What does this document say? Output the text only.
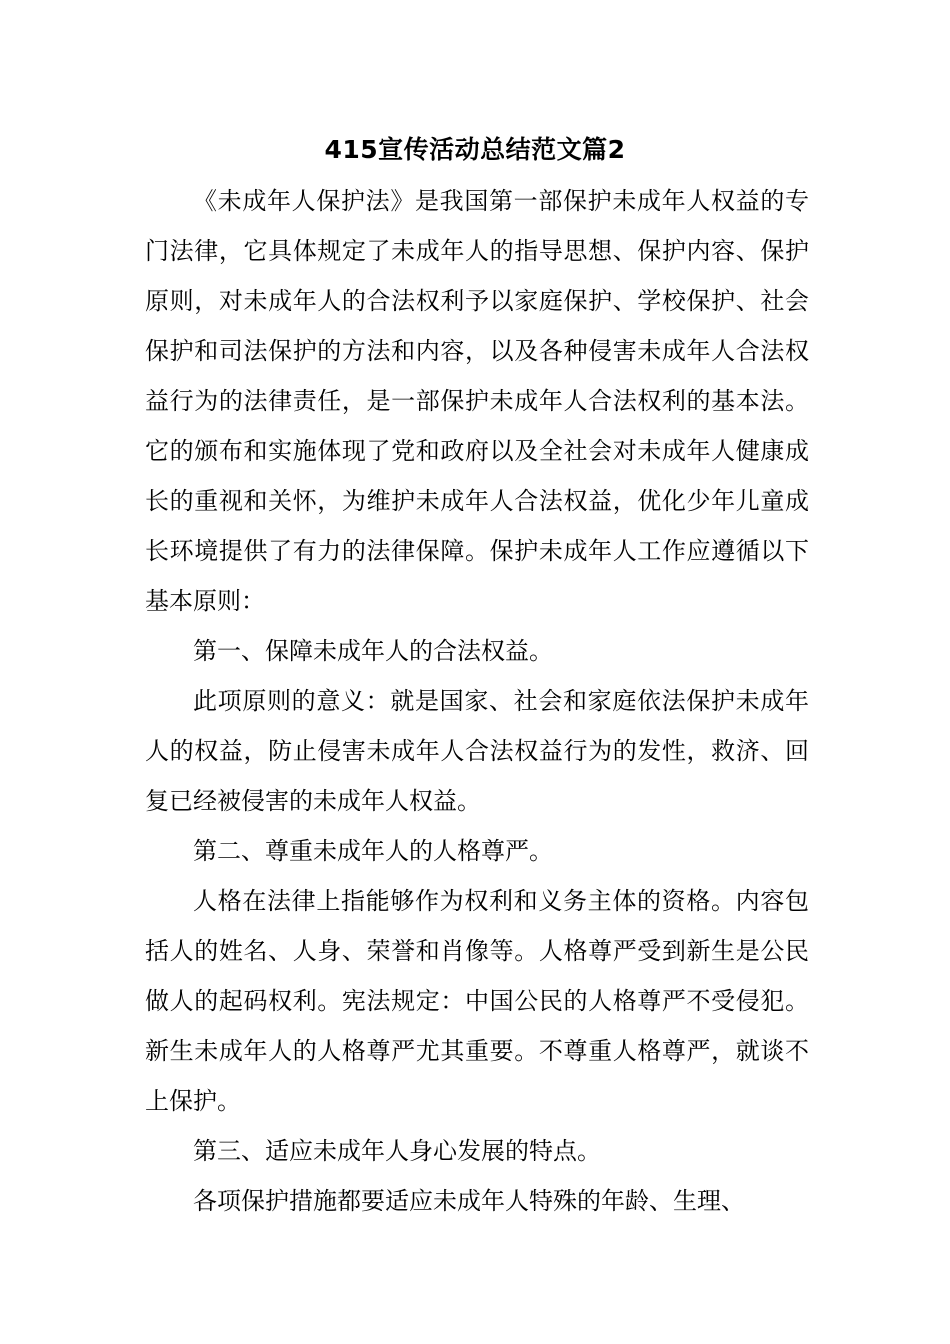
415宣传活动总结范文篇2

《未成年人保护法》是我国第一部保护未成年人权益的专门法律，它具体规定了未成年人的指导思想、保护内容、保护原则，对未成年人的合法权利予以家庭保护、学校保护、社会保护和司法保护的方法和内容，以及各种侵害未成年人合法权益行为的法律责任，是一部保护未成年人合法权利的基本法。它的颁布和实施体现了党和政府以及全社会对未成年人健康成长的重视和关怀，为维护未成年人合法权益，优化少年儿童成长环境提供了有力的法律保障。保护未成年人工作应遵循以下基本原则：

第一、保障未成年人的合法权益。

此项原则的意义：就是国家、社会和家庭依法保护未成年人的权益，防止侵害未成年人合法权益行为的发性，救济、回复已经被侵害的未成年人权益。

第二、尊重未成年人的人格尊严。

人格在法律上指能够作为权利和义务主体的资格。内容包括人的姓名、人身、荣誉和肖像等。人格尊严受到新生是公民做人的起码权利。宪法规定：中国公民的人格尊严不受侵犯。新生未成年人的人格尊严尤其重要。不尊重人格尊严，就谈不上保护。

第三、适应未成年人身心发展的特点。

各项保护措施都要适应未成年人特殊的年龄、生理、
